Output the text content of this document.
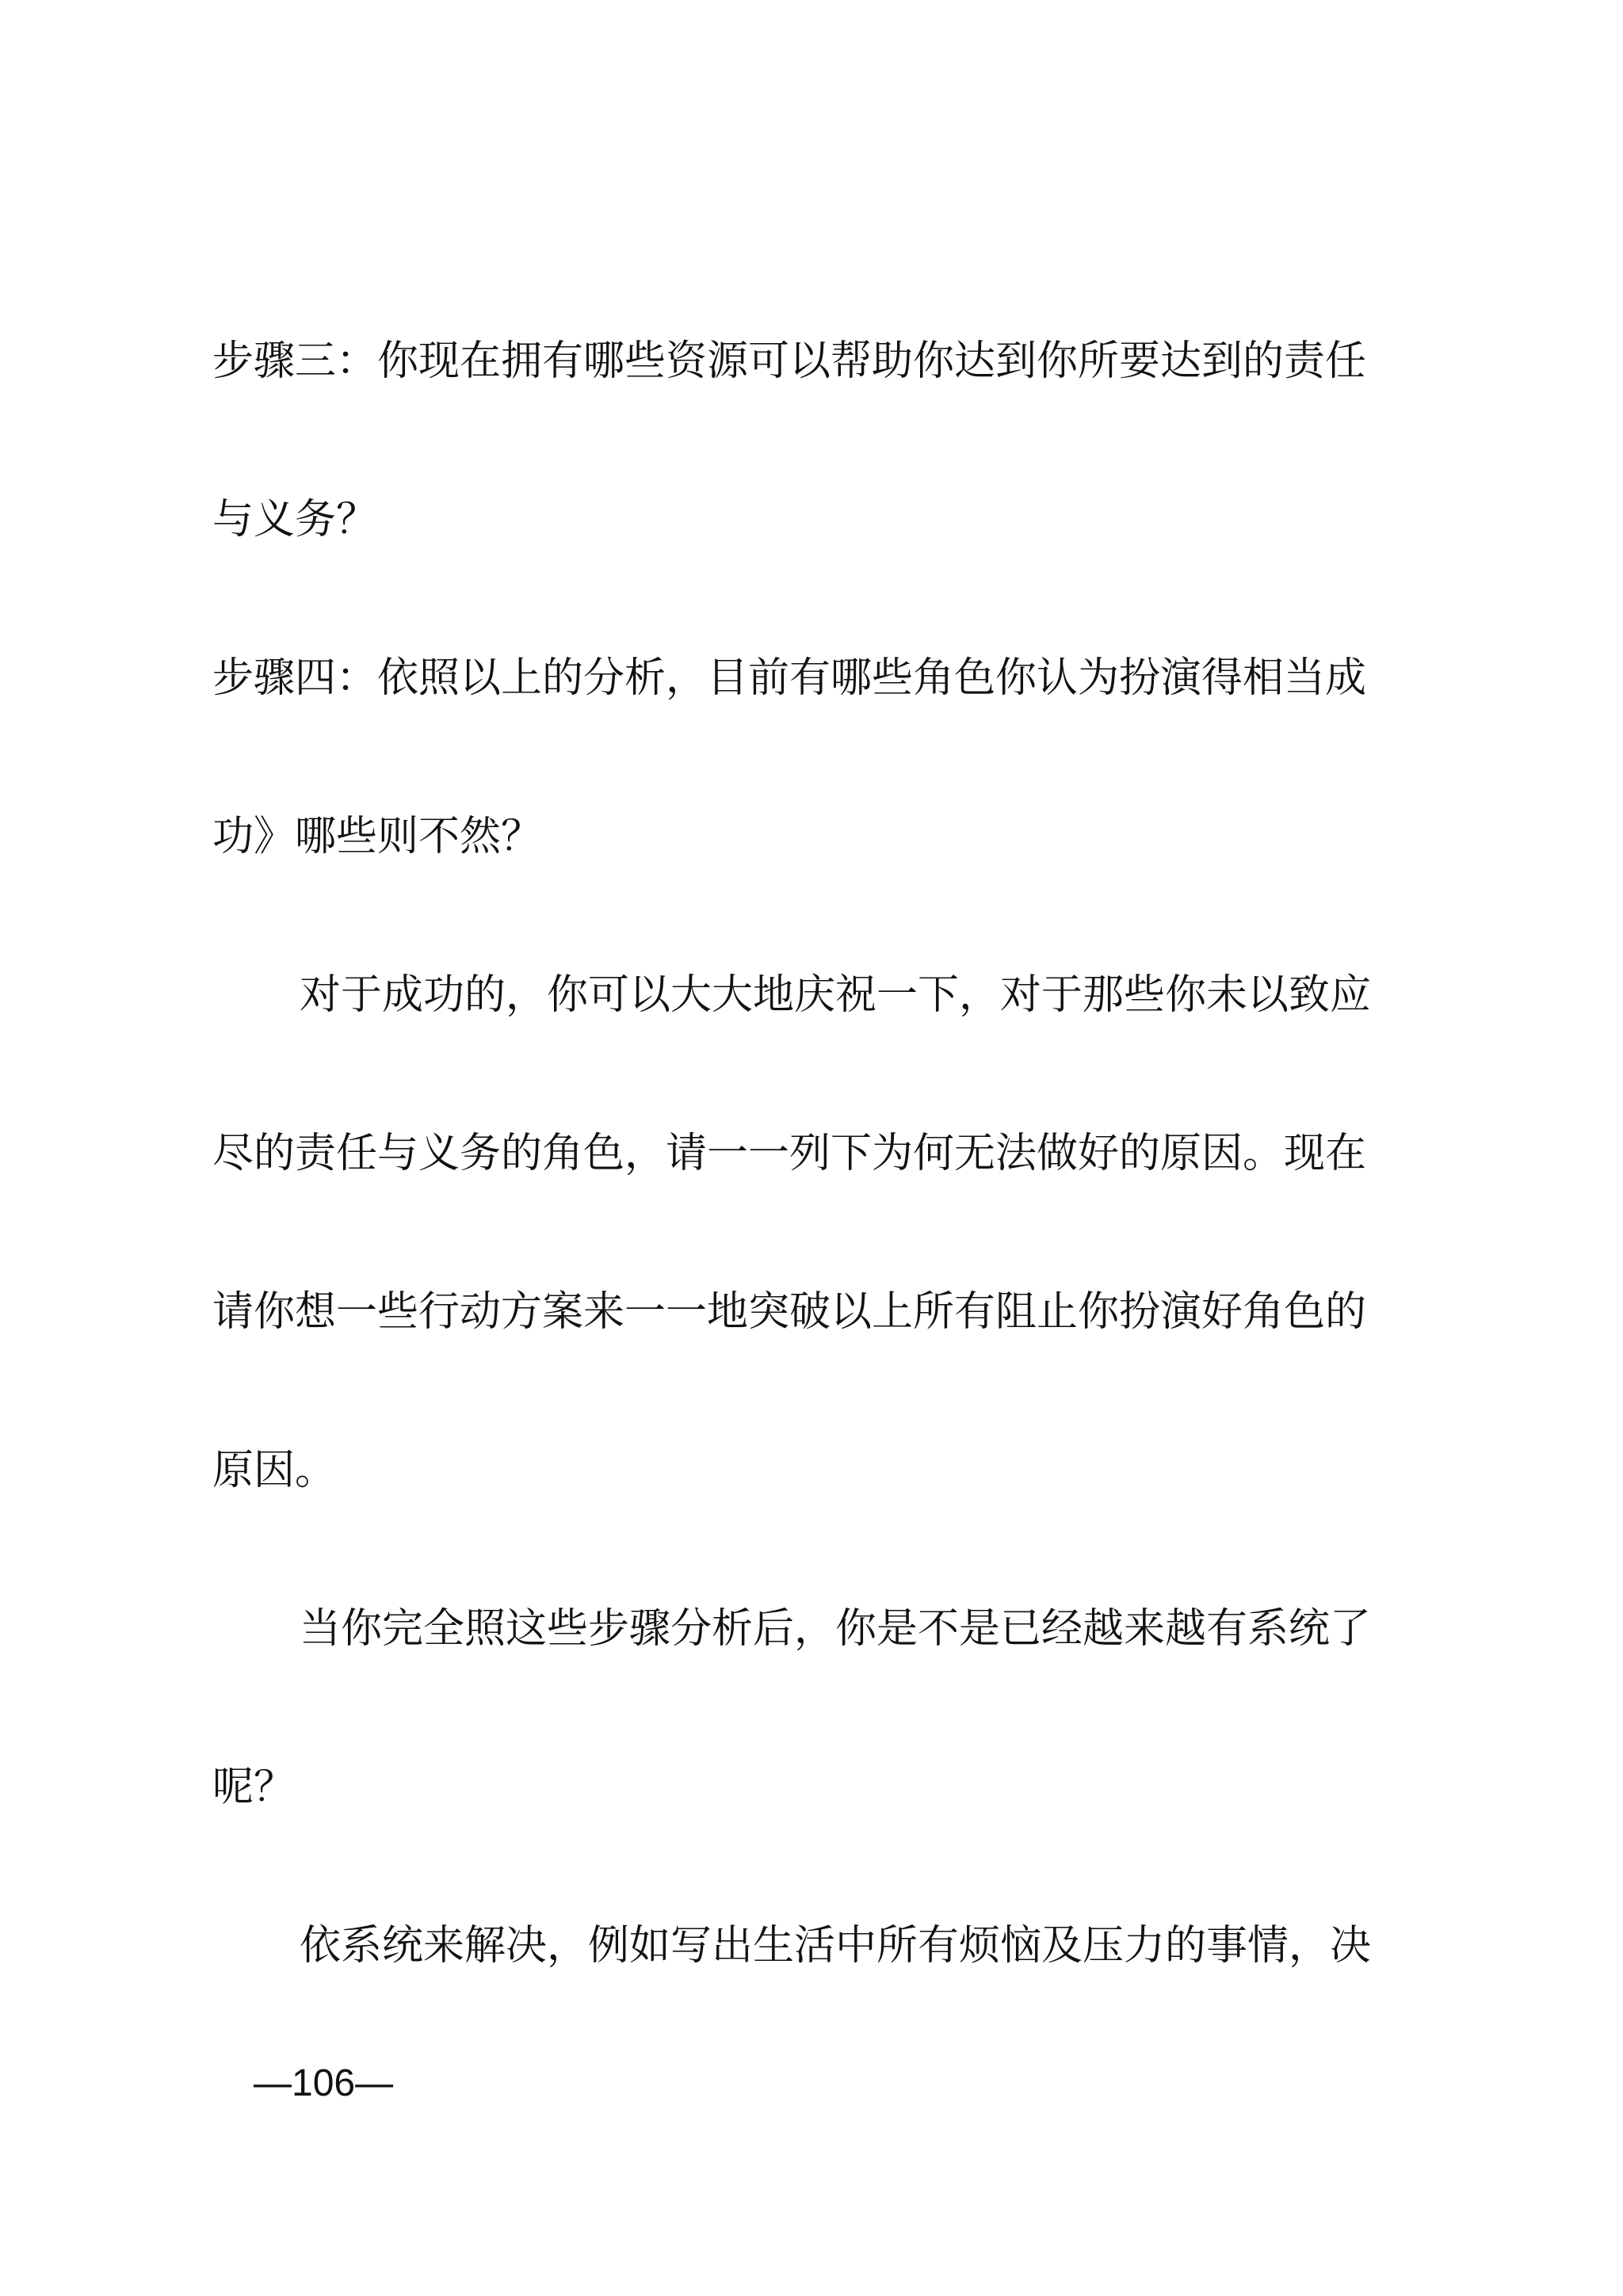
步骤三：你现在拥有哪些资源可以帮助你达到你所要达到的责任
与义务？
步骤四：依照以上的分析，目前有哪些角色你认为扮演得相当成
功》哪些则不然？
对于成功的，你可以大大地庆祝一下，对于那些你未以致应
尽的责任与义务的角色，请一一列下为何无法做好的原因。现在
请你想一些行动方案来一一地突破以上所有阻止你扮演好角色的
原因。
当你完全照这些步骤分析后，你是不是已经越来越有系统了
呢？
依系统来解决，例如写出生活中所有烦恼及压力的事情，决
—106—
